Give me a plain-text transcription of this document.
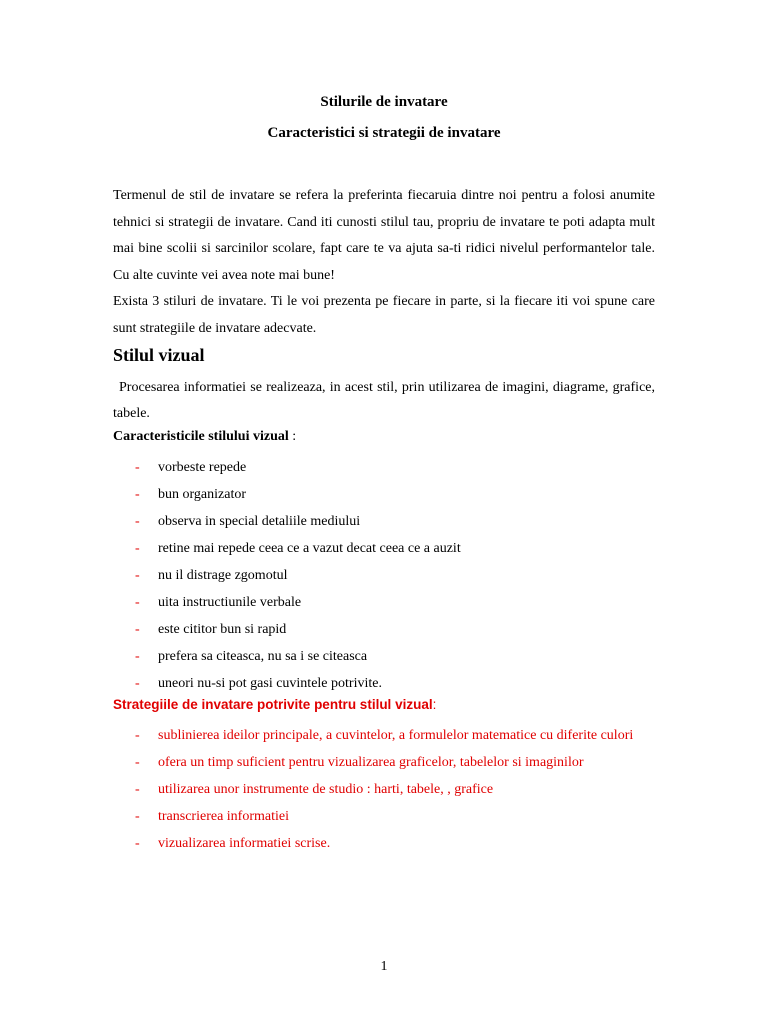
Stilurile de invatare
Caracteristici si strategii de invatare

Termenul de stil de invatare se refera la preferinta fiecaruia dintre noi pentru a folosi anumite tehnici si strategii de invatare. Cand iti cunosti stilul tau, propriu de invatare te poti adapta mult mai bine scolii si sarcinilor scolare, fapt care te va ajuta sa-ti ridici nivelul performantelor tale. Cu alte cuvinte vei avea note mai bune!

Exista 3 stiluri de invatare. Ti le voi prezenta pe fiecare in parte, si la fiecare iti voi spune care sunt strategiile de invatare adecvate.

Stilul vizual

Procesarea informatiei se realizeaza, in acest stil, prin utilizarea de imagini, diagrame, grafice, tabele.

Caracteristicile stilului vizual :
- vorbeste repede
- bun organizator
- observa in special detaliile mediului
- retine mai repede ceea ce a vazut decat ceea ce a auzit
- nu il distrage zgomotul
- uita instructiunile verbale
- este cititor bun si rapid
- prefera sa citeasca, nu sa i se citeasca
- uneori nu-si pot gasi cuvintele potrivite.
Strategiile de invatare potrivite pentru stilul vizual:
- sublinierea ideilor principale, a cuvintelor, a formulelor matematice cu diferite culori
- ofera un timp suficient pentru vizualizarea graficelor, tabelelor si imaginilor
- utilizarea unor instrumente de studio : harti, tabele, , grafice
- transcrierea informatiei
- vizualizarea informatiei scrise.
1
